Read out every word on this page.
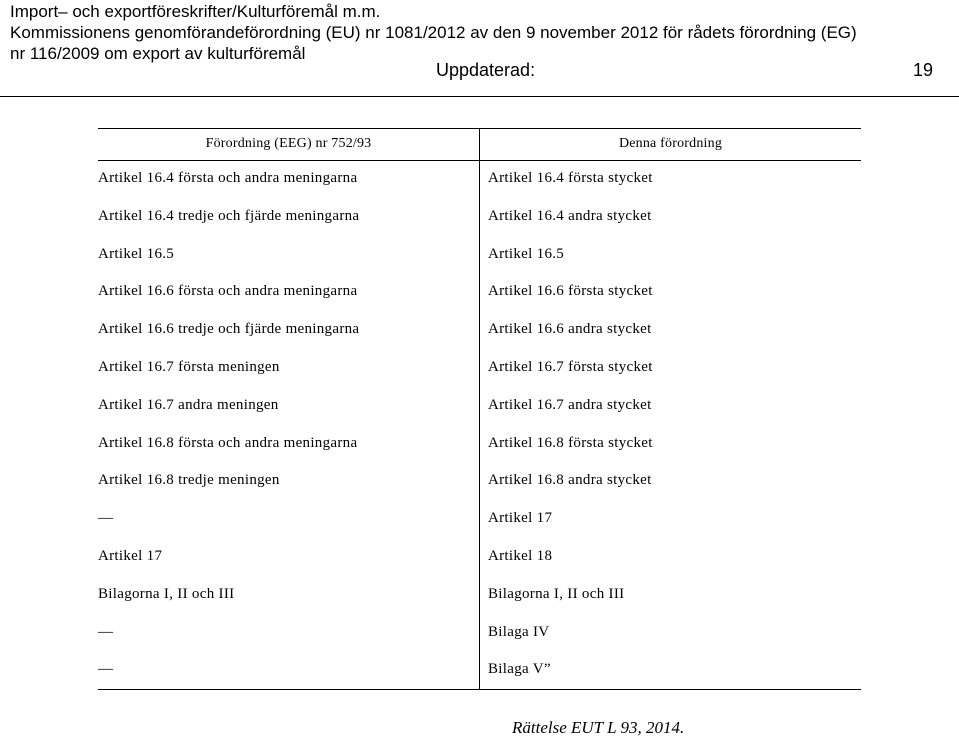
Import– och exportföreskrifter/Kulturföremål m.m.
Kommissionens genomförandeförordning (EU) nr 1081/2012 av den 9 november 2012 för rådets förordning (EG)
nr 116/2009 om export av kulturföremål
Uppdaterad:	19
Förordning (EEG) nr 752/93	Denna förordning
Artikel 16.4 första och andra meningarna	Artikel 16.4 första stycket
Artikel 16.4 tredje och fjärde meningarna	Artikel 16.4 andra stycket
Artikel 16.5	Artikel 16.5
Artikel 16.6 första och andra meningarna	Artikel 16.6 första stycket
Artikel 16.6 tredje och fjärde meningarna	Artikel 16.6 andra stycket
Artikel 16.7 första meningen	Artikel 16.7 första stycket
Artikel 16.7 andra meningen	Artikel 16.7 andra stycket
Artikel 16.8 första och andra meningarna	Artikel 16.8 första stycket
Artikel 16.8 tredje meningen	Artikel 16.8 andra stycket
—	Artikel 17
Artikel 17	Artikel 18
Bilagorna I, II och III	Bilagorna I, II och III
—	Bilaga IV
—	Bilaga V”
Rättelse EUT L 93, 2014.
